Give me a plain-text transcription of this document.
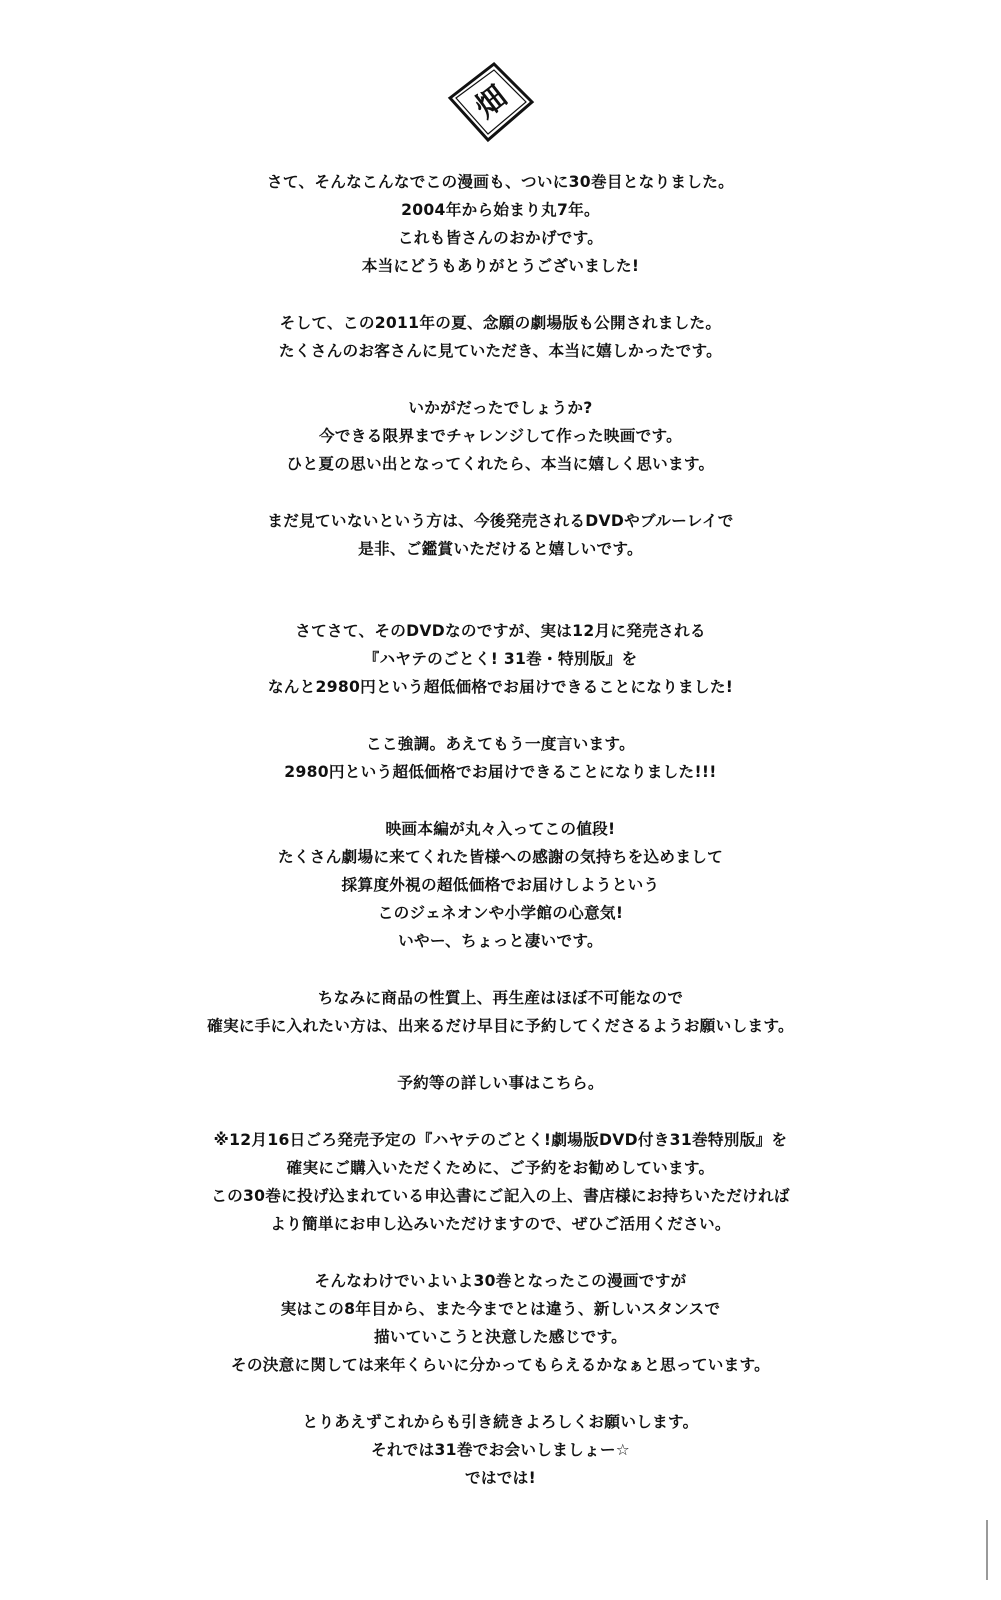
畑
さて、そんなこんなでこの漫画も、ついに30巻目となりました。
2004年から始まり丸7年。
これも皆さんのおかげです。
本当にどうもありがとうございました!
そして、この2011年の夏、念願の劇場版も公開されました。
たくさんのお客さんに見ていただき、本当に嬉しかったです。
いかがだったでしょうか?
今できる限界までチャレンジして作った映画です。
ひと夏の思い出となってくれたら、本当に嬉しく思います。
まだ見ていないという方は、今後発売されるDVDやブルーレイで
是非、ご鑑賞いただけると嬉しいです。
さてさて、そのDVDなのですが、実は12月に発売される
『ハヤテのごとく! 31巻・特別版』を
なんと2980円という超低価格でお届けできることになりました!
ここ強調。あえてもう一度言います。
2980円という超低価格でお届けできることになりました!!!
映画本編が丸々入ってこの値段!
たくさん劇場に来てくれた皆様への感謝の気持ちを込めまして
採算度外視の超低価格でお届けしようという
このジェネオンや小学館の心意気!
いやー、ちょっと凄いです。
ちなみに商品の性質上、再生産はほぼ不可能なので
確実に手に入れたい方は、出来るだけ早目に予約してくださるようお願いします。
予約等の詳しい事はこちら。
※12月16日ごろ発売予定の『ハヤテのごとく!劇場版DVD付き31巻特別版』を
確実にご購入いただくために、ご予約をお勧めしています。
この30巻に投げ込まれている申込書にご記入の上、書店様にお持ちいただければ
より簡単にお申し込みいただけますので、ぜひご活用ください。
そんなわけでいよいよ30巻となったこの漫画ですが
実はこの8年目から、また今までとは違う、新しいスタンスで
描いていこうと決意した感じです。
その決意に関しては来年くらいに分かってもらえるかなぁと思っています。
とりあえずこれからも引き続きよろしくお願いします。
それでは31巻でお会いしましょー☆
ではでは!
